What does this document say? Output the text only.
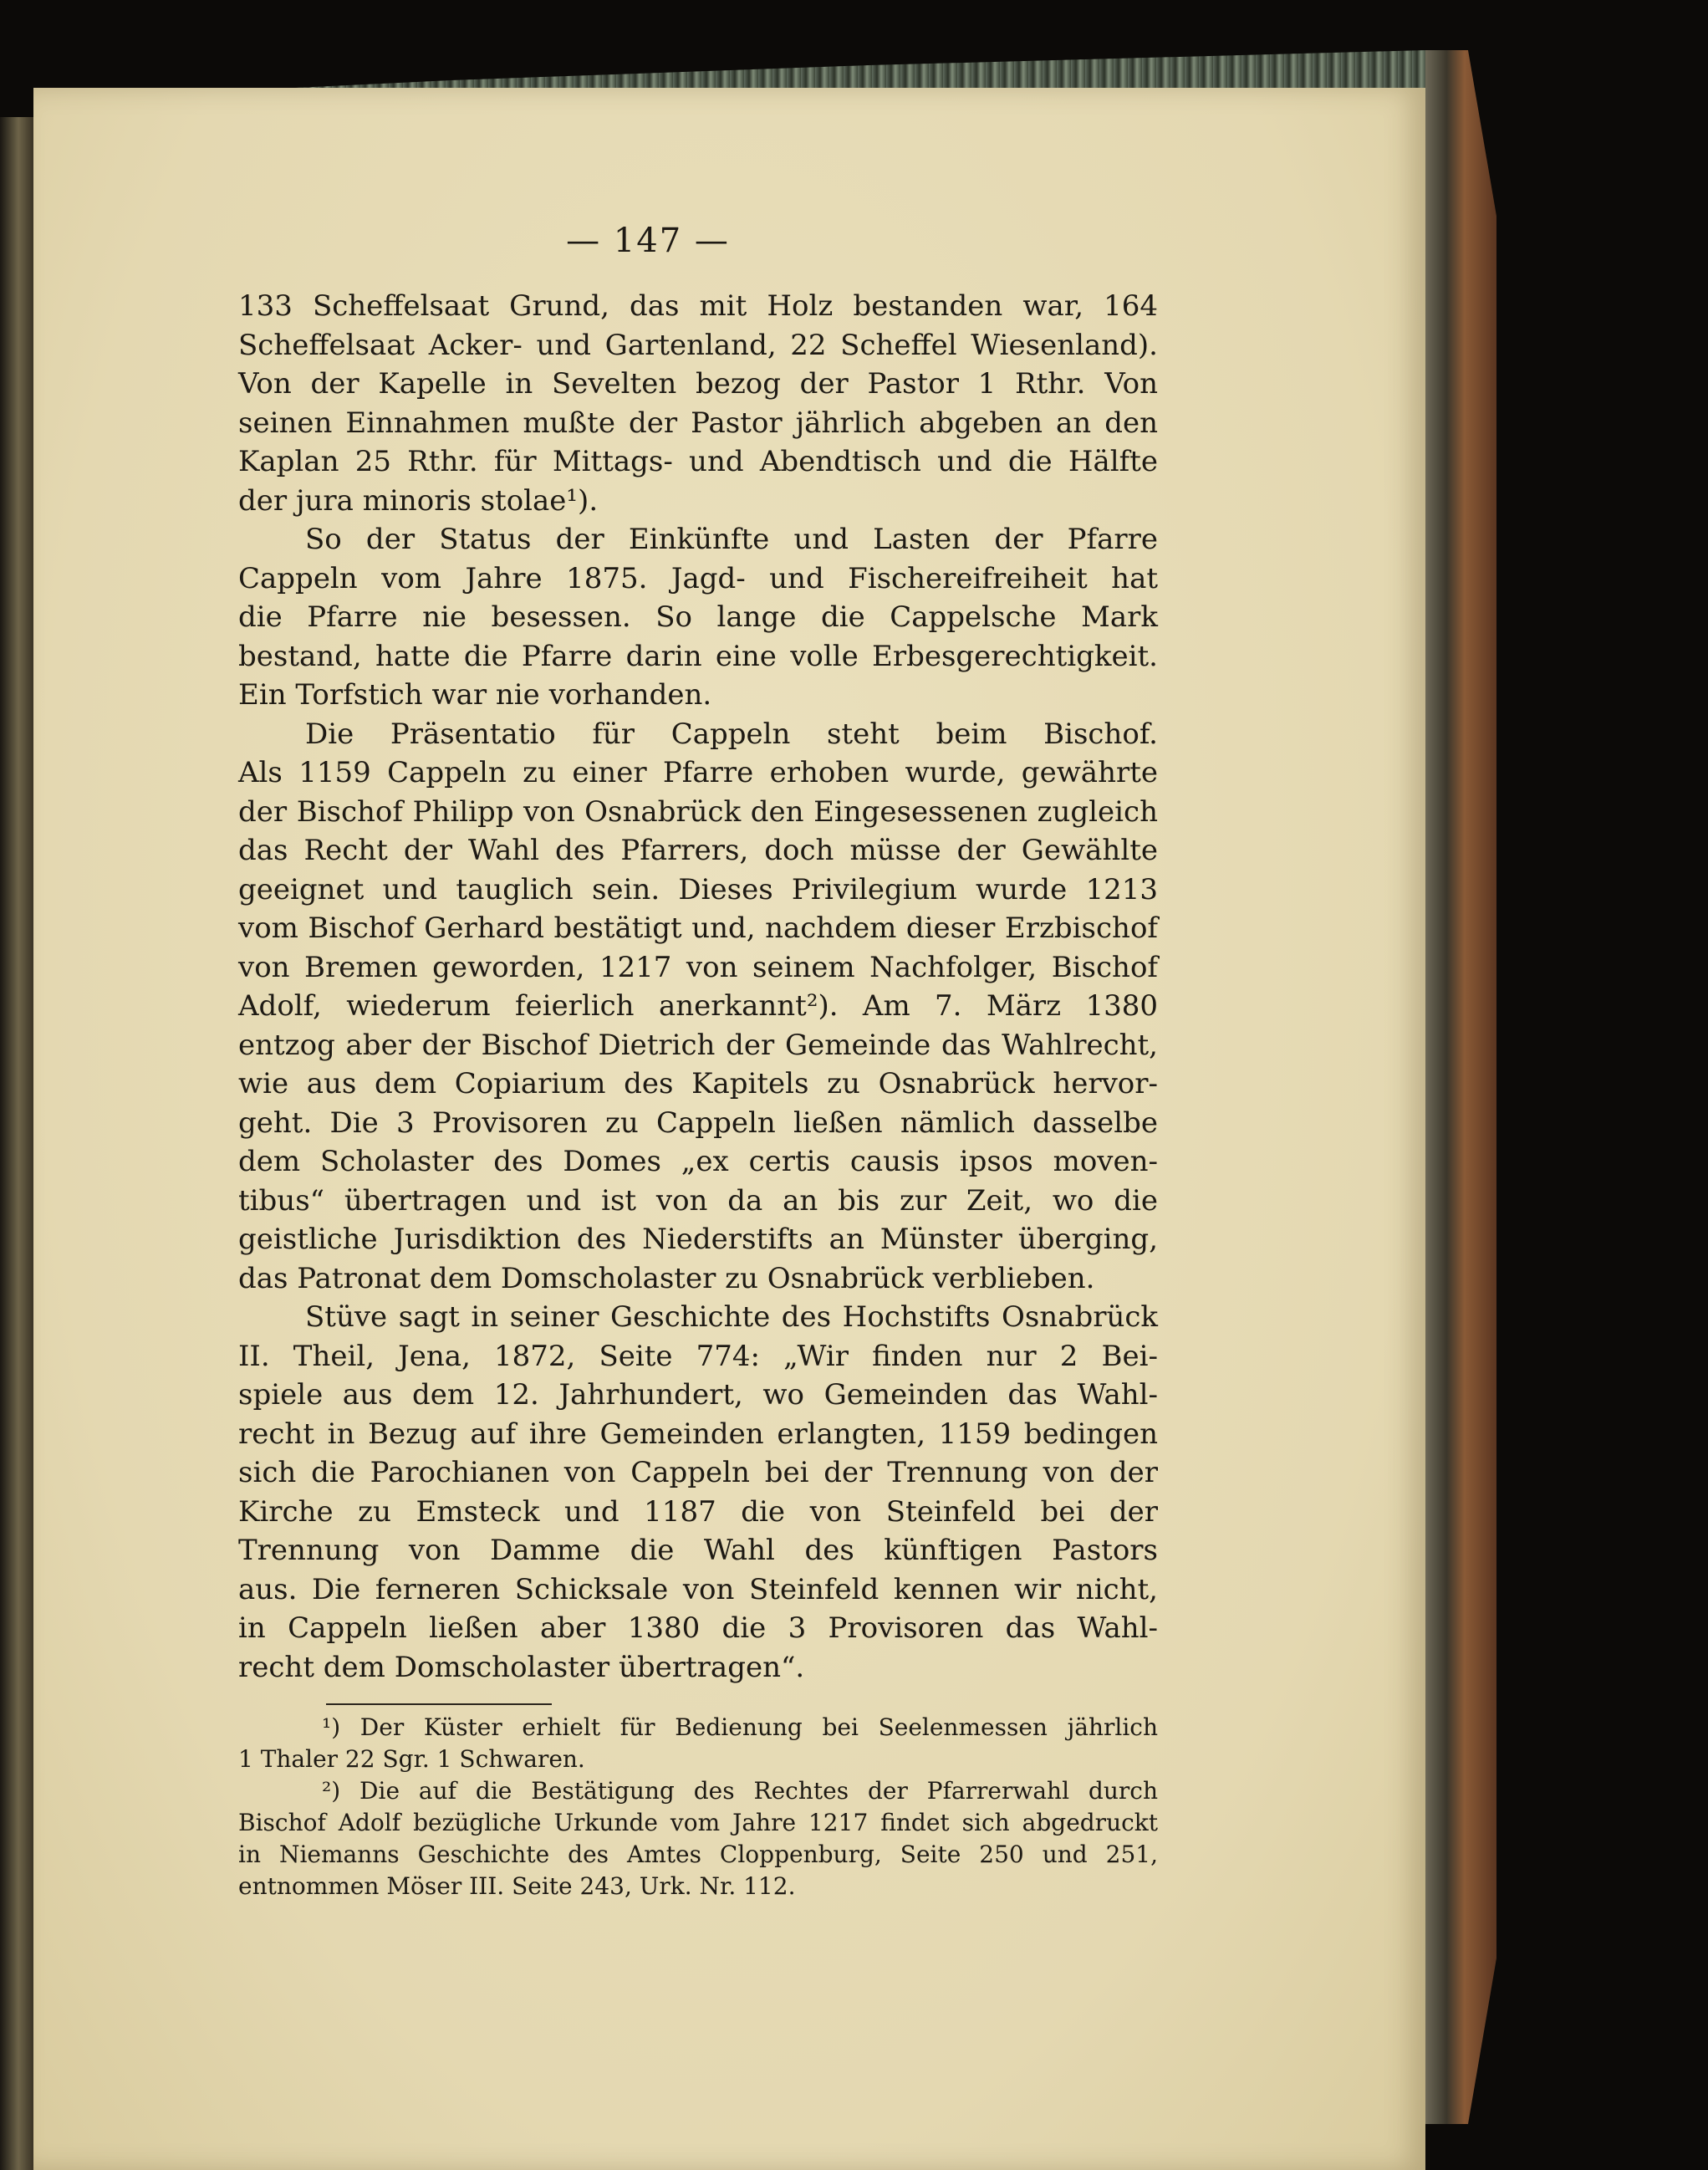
— 147 —
133 Scheffelsaat Grund, das mit Holz bestanden war, 164
Scheffelsaat Acker- und Gartenland, 22 Scheffel Wiesenland).
Von der Kapelle in Sevelten bezog der Pastor 1 Rthr. Von
seinen Einnahmen mußte der Pastor jährlich abgeben an den
Kaplan 25 Rthr. für Mittags- und Abendtisch und die Hälfte
der jura minoris stolae¹).
So der Status der Einkünfte und Lasten der Pfarre
Cappeln vom Jahre 1875. Jagd- und Fischereifreiheit hat
die Pfarre nie besessen. So lange die Cappelsche Mark
bestand, hatte die Pfarre darin eine volle Erbesgerechtigkeit.
Ein Torfstich war nie vorhanden.
Die Präsentatio für Cappeln steht beim Bischof.
Als 1159 Cappeln zu einer Pfarre erhoben wurde, gewährte
der Bischof Philipp von Osnabrück den Eingesessenen zugleich
das Recht der Wahl des Pfarrers, doch müsse der Gewählte
geeignet und tauglich sein. Dieses Privilegium wurde 1213
vom Bischof Gerhard bestätigt und, nachdem dieser Erzbischof
von Bremen geworden, 1217 von seinem Nachfolger, Bischof
Adolf, wiederum feierlich anerkannt²). Am 7. März 1380
entzog aber der Bischof Dietrich der Gemeinde das Wahlrecht,
wie aus dem Copiarium des Kapitels zu Osnabrück hervor-
geht. Die 3 Provisoren zu Cappeln ließen nämlich dasselbe
dem Scholaster des Domes „ex certis causis ipsos moven-
tibus“ übertragen und ist von da an bis zur Zeit, wo die
geistliche Jurisdiktion des Niederstifts an Münster überging,
das Patronat dem Domscholaster zu Osnabrück verblieben.
Stüve sagt in seiner Geschichte des Hochstifts Osnabrück
II. Theil, Jena, 1872, Seite 774: „Wir finden nur 2 Bei-
spiele aus dem 12. Jahrhundert, wo Gemeinden das Wahl-
recht in Bezug auf ihre Gemeinden erlangten, 1159 bedingen
sich die Parochianen von Cappeln bei der Trennung von der
Kirche zu Emsteck und 1187 die von Steinfeld bei der
Trennung von Damme die Wahl des künftigen Pastors
aus. Die ferneren Schicksale von Steinfeld kennen wir nicht,
in Cappeln ließen aber 1380 die 3 Provisoren das Wahl-
recht dem Domscholaster übertragen“.
¹) Der Küster erhielt für Bedienung bei Seelenmessen jährlich
1 Thaler 22 Sgr. 1 Schwaren.
²) Die auf die Bestätigung des Rechtes der Pfarrerwahl durch
Bischof Adolf bezügliche Urkunde vom Jahre 1217 findet sich abgedruckt
in Niemanns Geschichte des Amtes Cloppenburg, Seite 250 und 251,
entnommen Möser III. Seite 243, Urk. Nr. 112.
